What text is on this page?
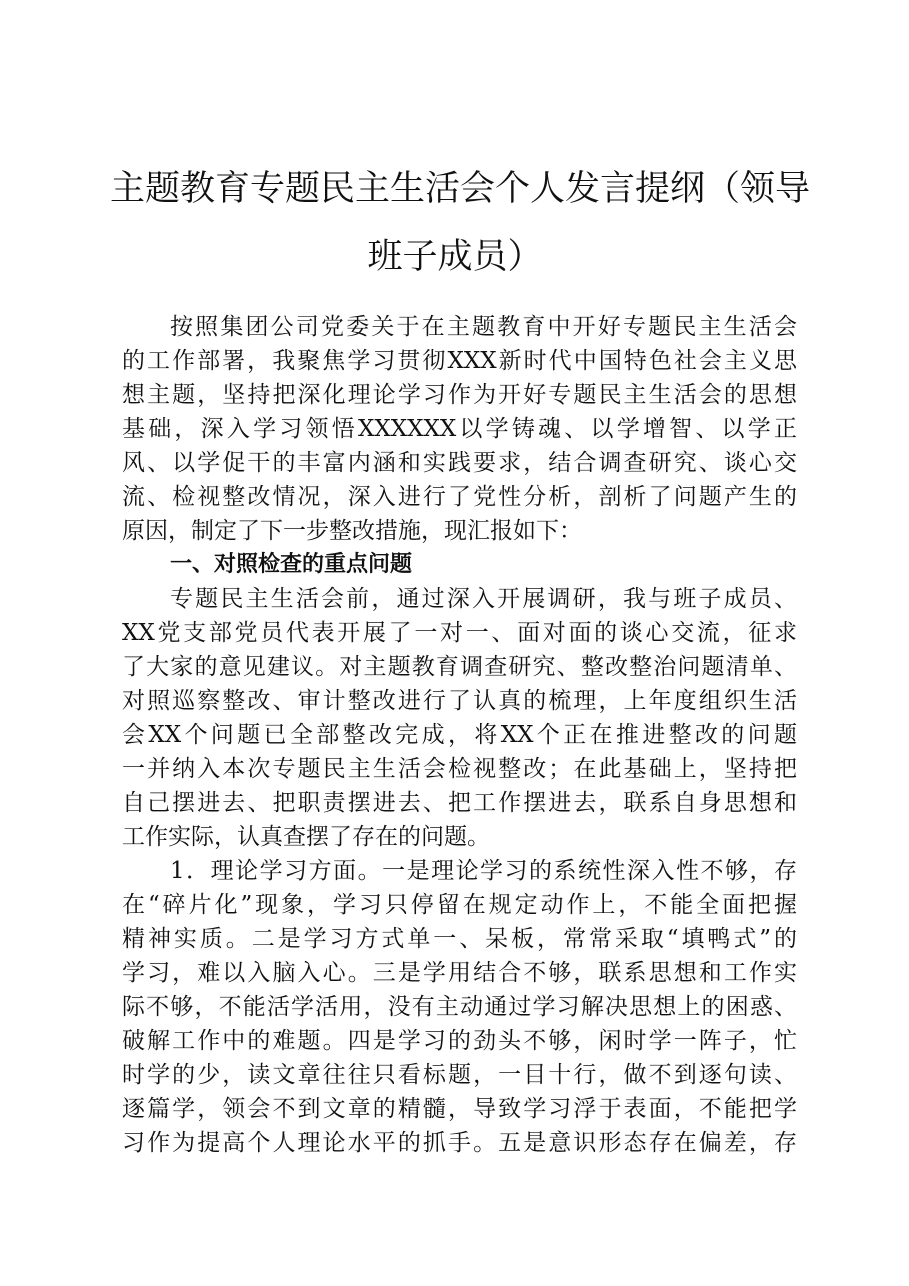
主题教育专题民主生活会个人发言提纲（领导
班子成员）
按照集团公司党委关于在主题教育中开好专题民主生活会
的工作部署，我聚焦学习贯彻XXX新时代中国特色社会主义思
想主题，坚持把深化理论学习作为开好专题民主生活会的思想
基础，深入学习领悟XXXXXX以学铸魂、以学增智、以学正
风、以学促干的丰富内涵和实践要求，结合调查研究、谈心交
流、检视整改情况，深入进行了党性分析，剖析了问题产生的
原因，制定了下一步整改措施，现汇报如下：
一、对照检查的重点问题
专题民主生活会前，通过深入开展调研，我与班子成员、
XX党支部党员代表开展了一对一、面对面的谈心交流，征求
了大家的意见建议。对主题教育调查研究、整改整治问题清单、
对照巡察整改、审计整改进行了认真的梳理，上年度组织生活
会XX个问题已全部整改完成，将XX个正在推进整改的问题
一并纳入本次专题民主生活会检视整改；在此基础上，坚持把
自己摆进去、把职责摆进去、把工作摆进去，联系自身思想和
工作实际，认真查摆了存在的问题。
1．理论学习方面。一是理论学习的系统性深入性不够，存
在“碎片化”现象，学习只停留在规定动作上，不能全面把握
精神实质。二是学习方式单一、呆板，常常采取“填鸭式”的
学习，难以入脑入心。三是学用结合不够，联系思想和工作实
际不够，不能活学活用，没有主动通过学习解决思想上的困惑、
破解工作中的难题。四是学习的劲头不够，闲时学一阵子，忙
时学的少，读文章往往只看标题，一目十行，做不到逐句读、
逐篇学，领会不到文章的精髓，导致学习浮于表面，不能把学
习作为提高个人理论水平的抓手。五是意识形态存在偏差，存
